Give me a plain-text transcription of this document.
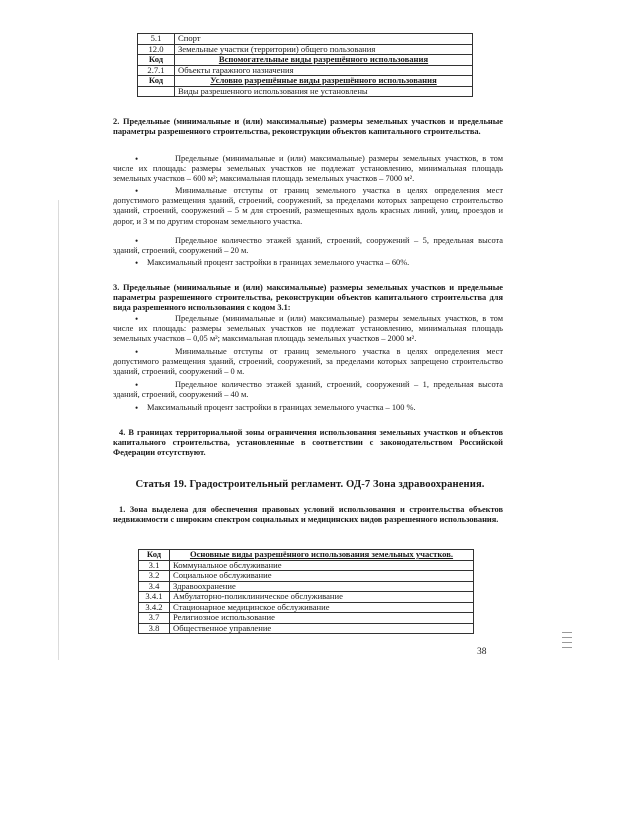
5.1	Спорт
12.0	Земельные участки (территории) общего пользования
Код	Вспомогательные виды разрешённого использования
2.7.1	Объекты гаражного назначения
Код	Условно разрешённые виды разрешённого использования
	Виды разрешенного использования не установлены
2. Предельные (минимальные и (или) максимальные) размеры земельных участков и предельные параметры разрешенного строительства, реконструкции объектов капитального строительства.
•	Предельные (минимальные и (или) максимальные) размеры земельных участков, в том числе их площадь: размеры земельных участков не подлежат установлению, минимальная площадь земельных участков – 600 м²; максимальная площадь земельных участков – 7000 м².
•	Минимальные отступы от границ земельного участка в целях определения мест допустимого размещения зданий, строений, сооружений, за пределами которых запрещено строительство зданий, строений, сооружений – 5 м для строений, размещенных вдоль красных линий, улиц, проездов и дорог, и 3 м по другим сторонам земельного участка.
•	Предельное количество этажей зданий, строений, сооружений – 5, предельная высота зданий, строений, сооружений – 20 м.
•	Максимальный процент застройки в границах земельного участка – 60%.
3. Предельные (минимальные и (или) максимальные) размеры земельных участков и предельные параметры разрешенного строительства, реконструкции объектов капитального строительства для вида разрешенного использования с кодом 3.1:
•	Предельные (минимальные и (или) максимальные) размеры земельных участков, в том числе их площадь: размеры земельных участков не подлежат установлению, минимальная площадь земельных участков – 0,05 м²; максимальная площадь земельных участков – 2000 м².
•	Минимальные отступы от границ земельного участка в целях определения мест допустимого размещения зданий, строений, сооружений, за пределами которых запрещено строительство зданий, строений, сооружений – 0 м.
•	Предельное количество этажей зданий, строений, сооружений – 1, предельная высота зданий, строений, сооружений – 40 м.
•	Максимальный процент застройки в границах земельного участка – 100 %.
4. В границах территориальной зоны ограничения использования земельных участков и объектов капитального строительства, установленные в соответствии с законодательством Российской Федерации отсутствуют.
Статья 19. Градостроительный регламент. ОД-7 Зона здравоохранения.
1. Зона выделена для обеспечения правовых условий использования и строительства объектов недвижимости с широким спектром социальных и медицинских видов разрешенного использования.
Код	Основные виды разрешённого использования земельных участков.
3.1	Коммунальное обслуживание
3.2	Социальное обслуживание
3.4	Здравоохранение
3.4.1	Амбулаторно-поликлиническое обслуживание
3.4.2	Стационарное медицинское обслуживание
3.7	Религиозное использование
3.8	Общественное управление
38
